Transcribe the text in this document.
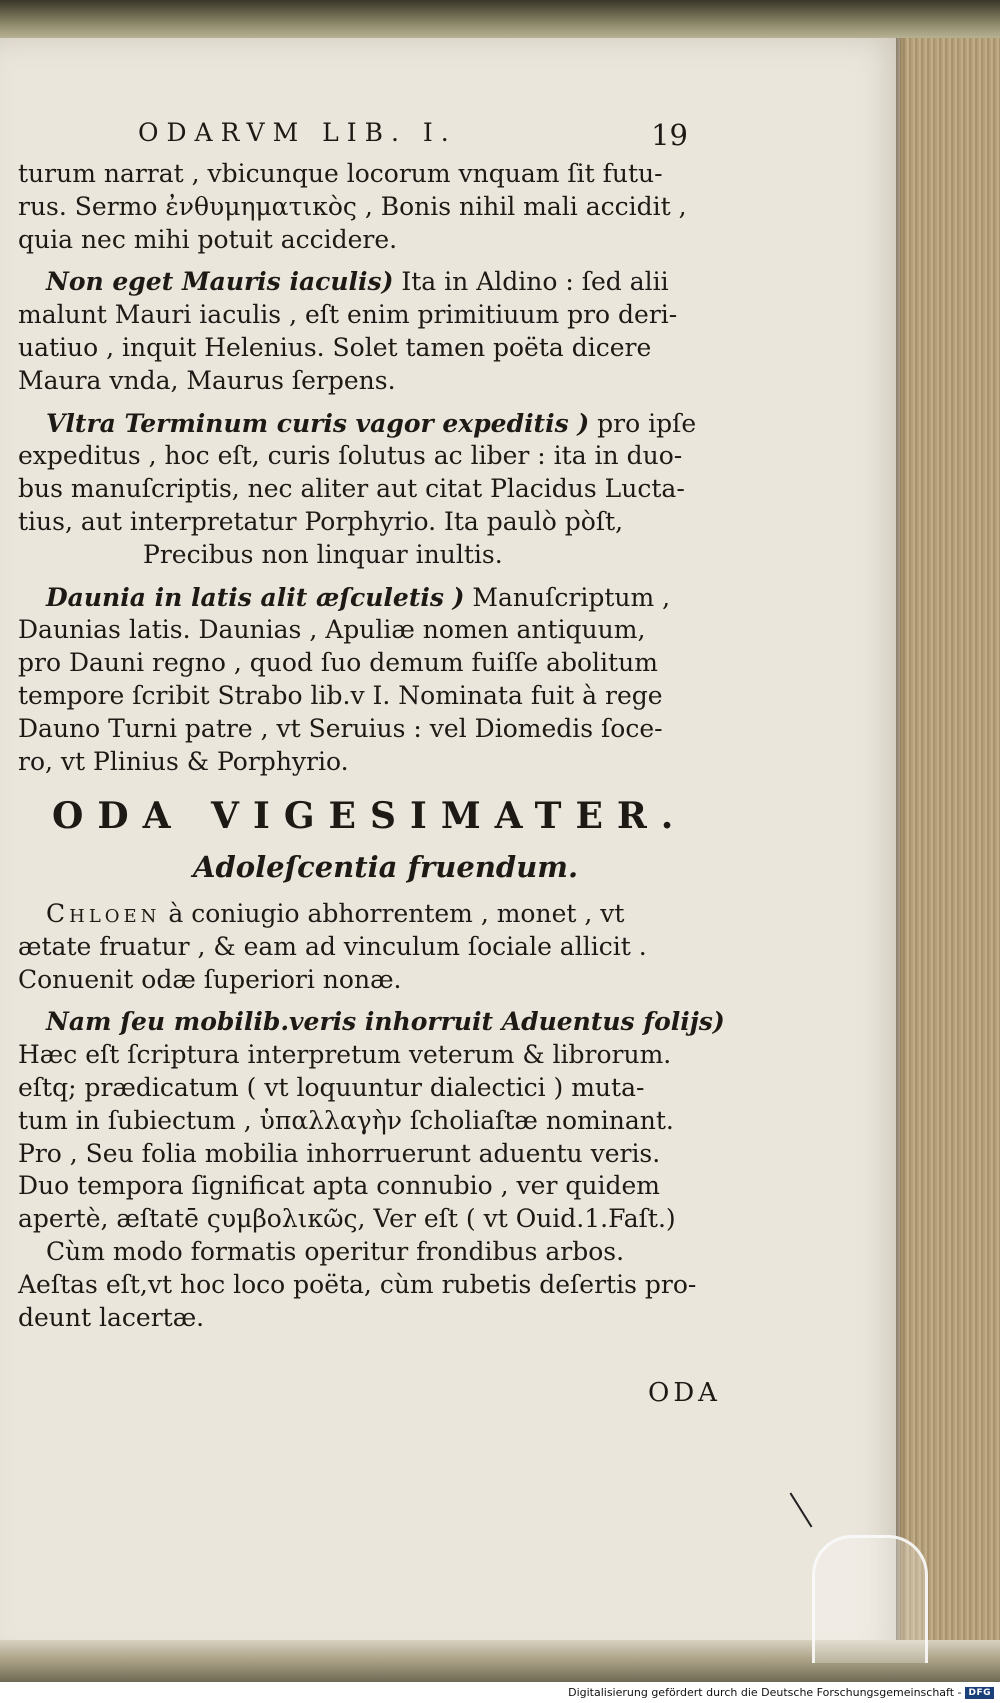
ODARVM LIB. I.	19

turum narrat , vbicunque locorum vnquam ſit futu-

rus. Sermo ἐνθυμηματικὸς , Bonis nihil mali accidit ,

quia nec mihi potuit accidere.

Non eget Mauris iaculis) Ita in Aldino : ſed alii

malunt Mauri iaculis , eſt enim primitiuum pro deri-

uatiuo , inquit Helenius. Solet tamen poëta dicere

Maura vnda, Maurus ſerpens.

Vltra Terminum curis vagor expeditis ) pro ipſe

expeditus , hoc eſt, curis ſolutus ac liber : ita in duo-

bus manuſcriptis, nec aliter aut citat Placidus Lucta-

tius, aut interpretatur Porphyrio. Ita paulò pòſt,

Precibus non linquar inultis.

Daunia in latis alit æſculetis ) Manuſcriptum ,

Daunias latis. Daunias , Apuliæ nomen antiquum,

pro Dauni regno , quod ſuo demum fuiſſe abolitum

tempore ſcribit Strabo lib.v I. Nominata fuit à rege

Dauno Turni patre , vt Seruius : vel Diomedis ſoce-

ro, vt Plinius & Porphyrio.

ODA VIGESIMATER.
Adoleſcentia fruendum.

Chloen à coniugio abhorrentem , monet , vt

ætate fruatur , & eam ad vinculum ſociale allicit .

Conuenit odæ ſuperiori nonæ.

Nam ſeu mobilib.veris inhorruit Aduentus folijs)

Hæc eſt ſcriptura interpretum veterum & librorum.

eſtq; prædicatum ( vt loquuntur dialectici ) muta-

tum in ſubiectum , ὑπαλλαγὴν ſcholiaſtæ nominant.

Pro , Seu folia mobilia inhorruerunt aduentu veris.

Duo tempora ſignificat apta connubio , ver quidem

apertè, æſtatē ςυμβολικῶς, Ver eſt ( vt Ouid.1.Faſt.)

Cùm modo formatis operitur frondibus arbos.

Aeſtas eſt,vt hoc loco poëta, cùm rubetis deſertis pro-

deunt lacertæ.

ODA
Digitalisierung gefördert durch die Deutsche Forschungsgemeinschaft - DFG
